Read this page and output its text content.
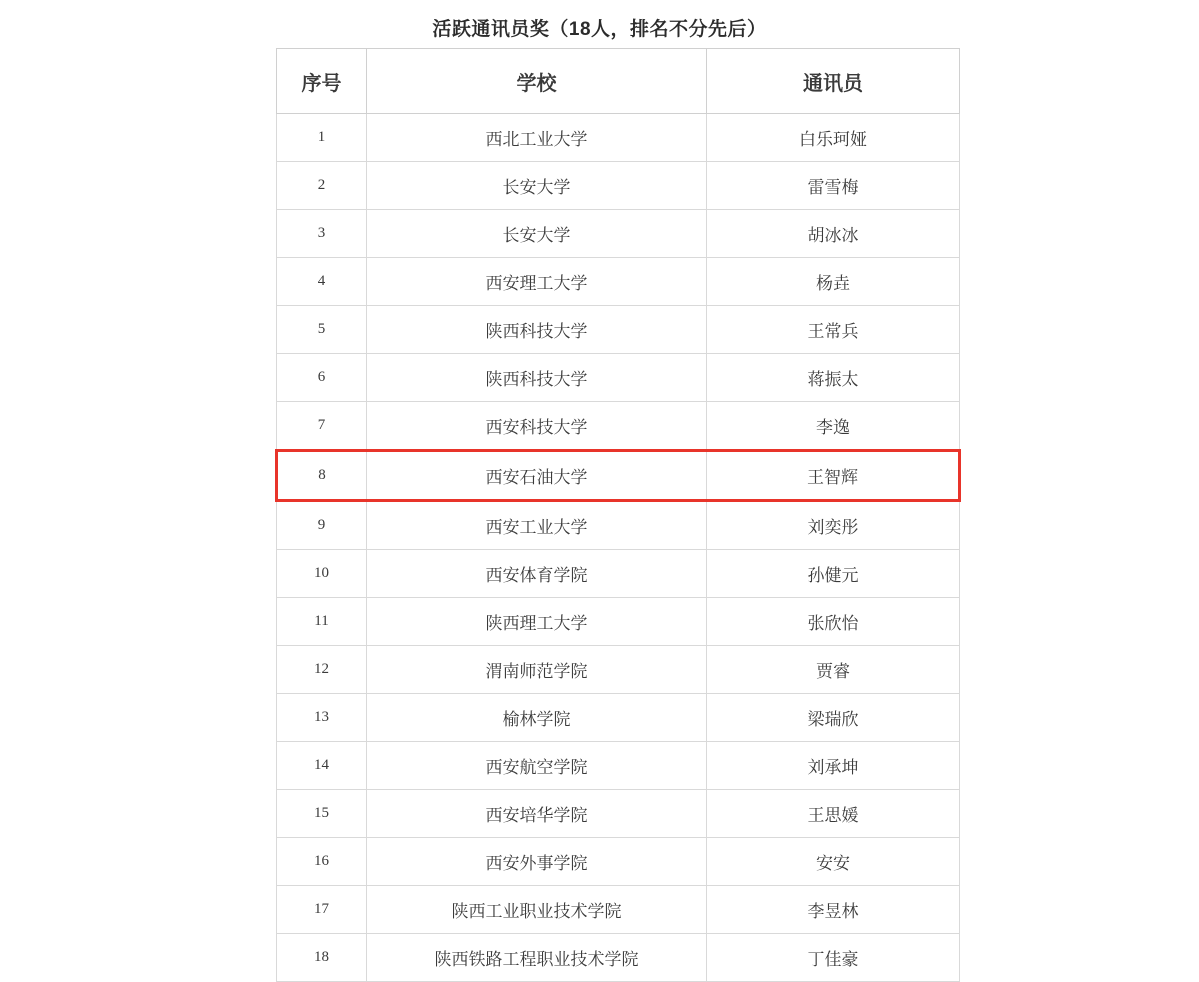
活跃通讯员奖（18人，排名不分先后）
序号	学校	通讯员
1	西北工业大学	白乐珂娅
2	长安大学	雷雪梅
3	长安大学	胡冰冰
4	西安理工大学	杨垚
5	陕西科技大学	王常兵
6	陕西科技大学	蒋振太
7	西安科技大学	李逸
8	西安石油大学	王智辉
9	西安工业大学	刘奕彤
10	西安体育学院	孙健元
11	陕西理工大学	张欣怡
12	渭南师范学院	贾睿
13	榆林学院	梁瑞欣
14	西安航空学院	刘承坤
15	西安培华学院	王思媛
16	西安外事学院	安安
17	陕西工业职业技术学院	李昱林
18	陕西铁路工程职业技术学院	丁佳豪
